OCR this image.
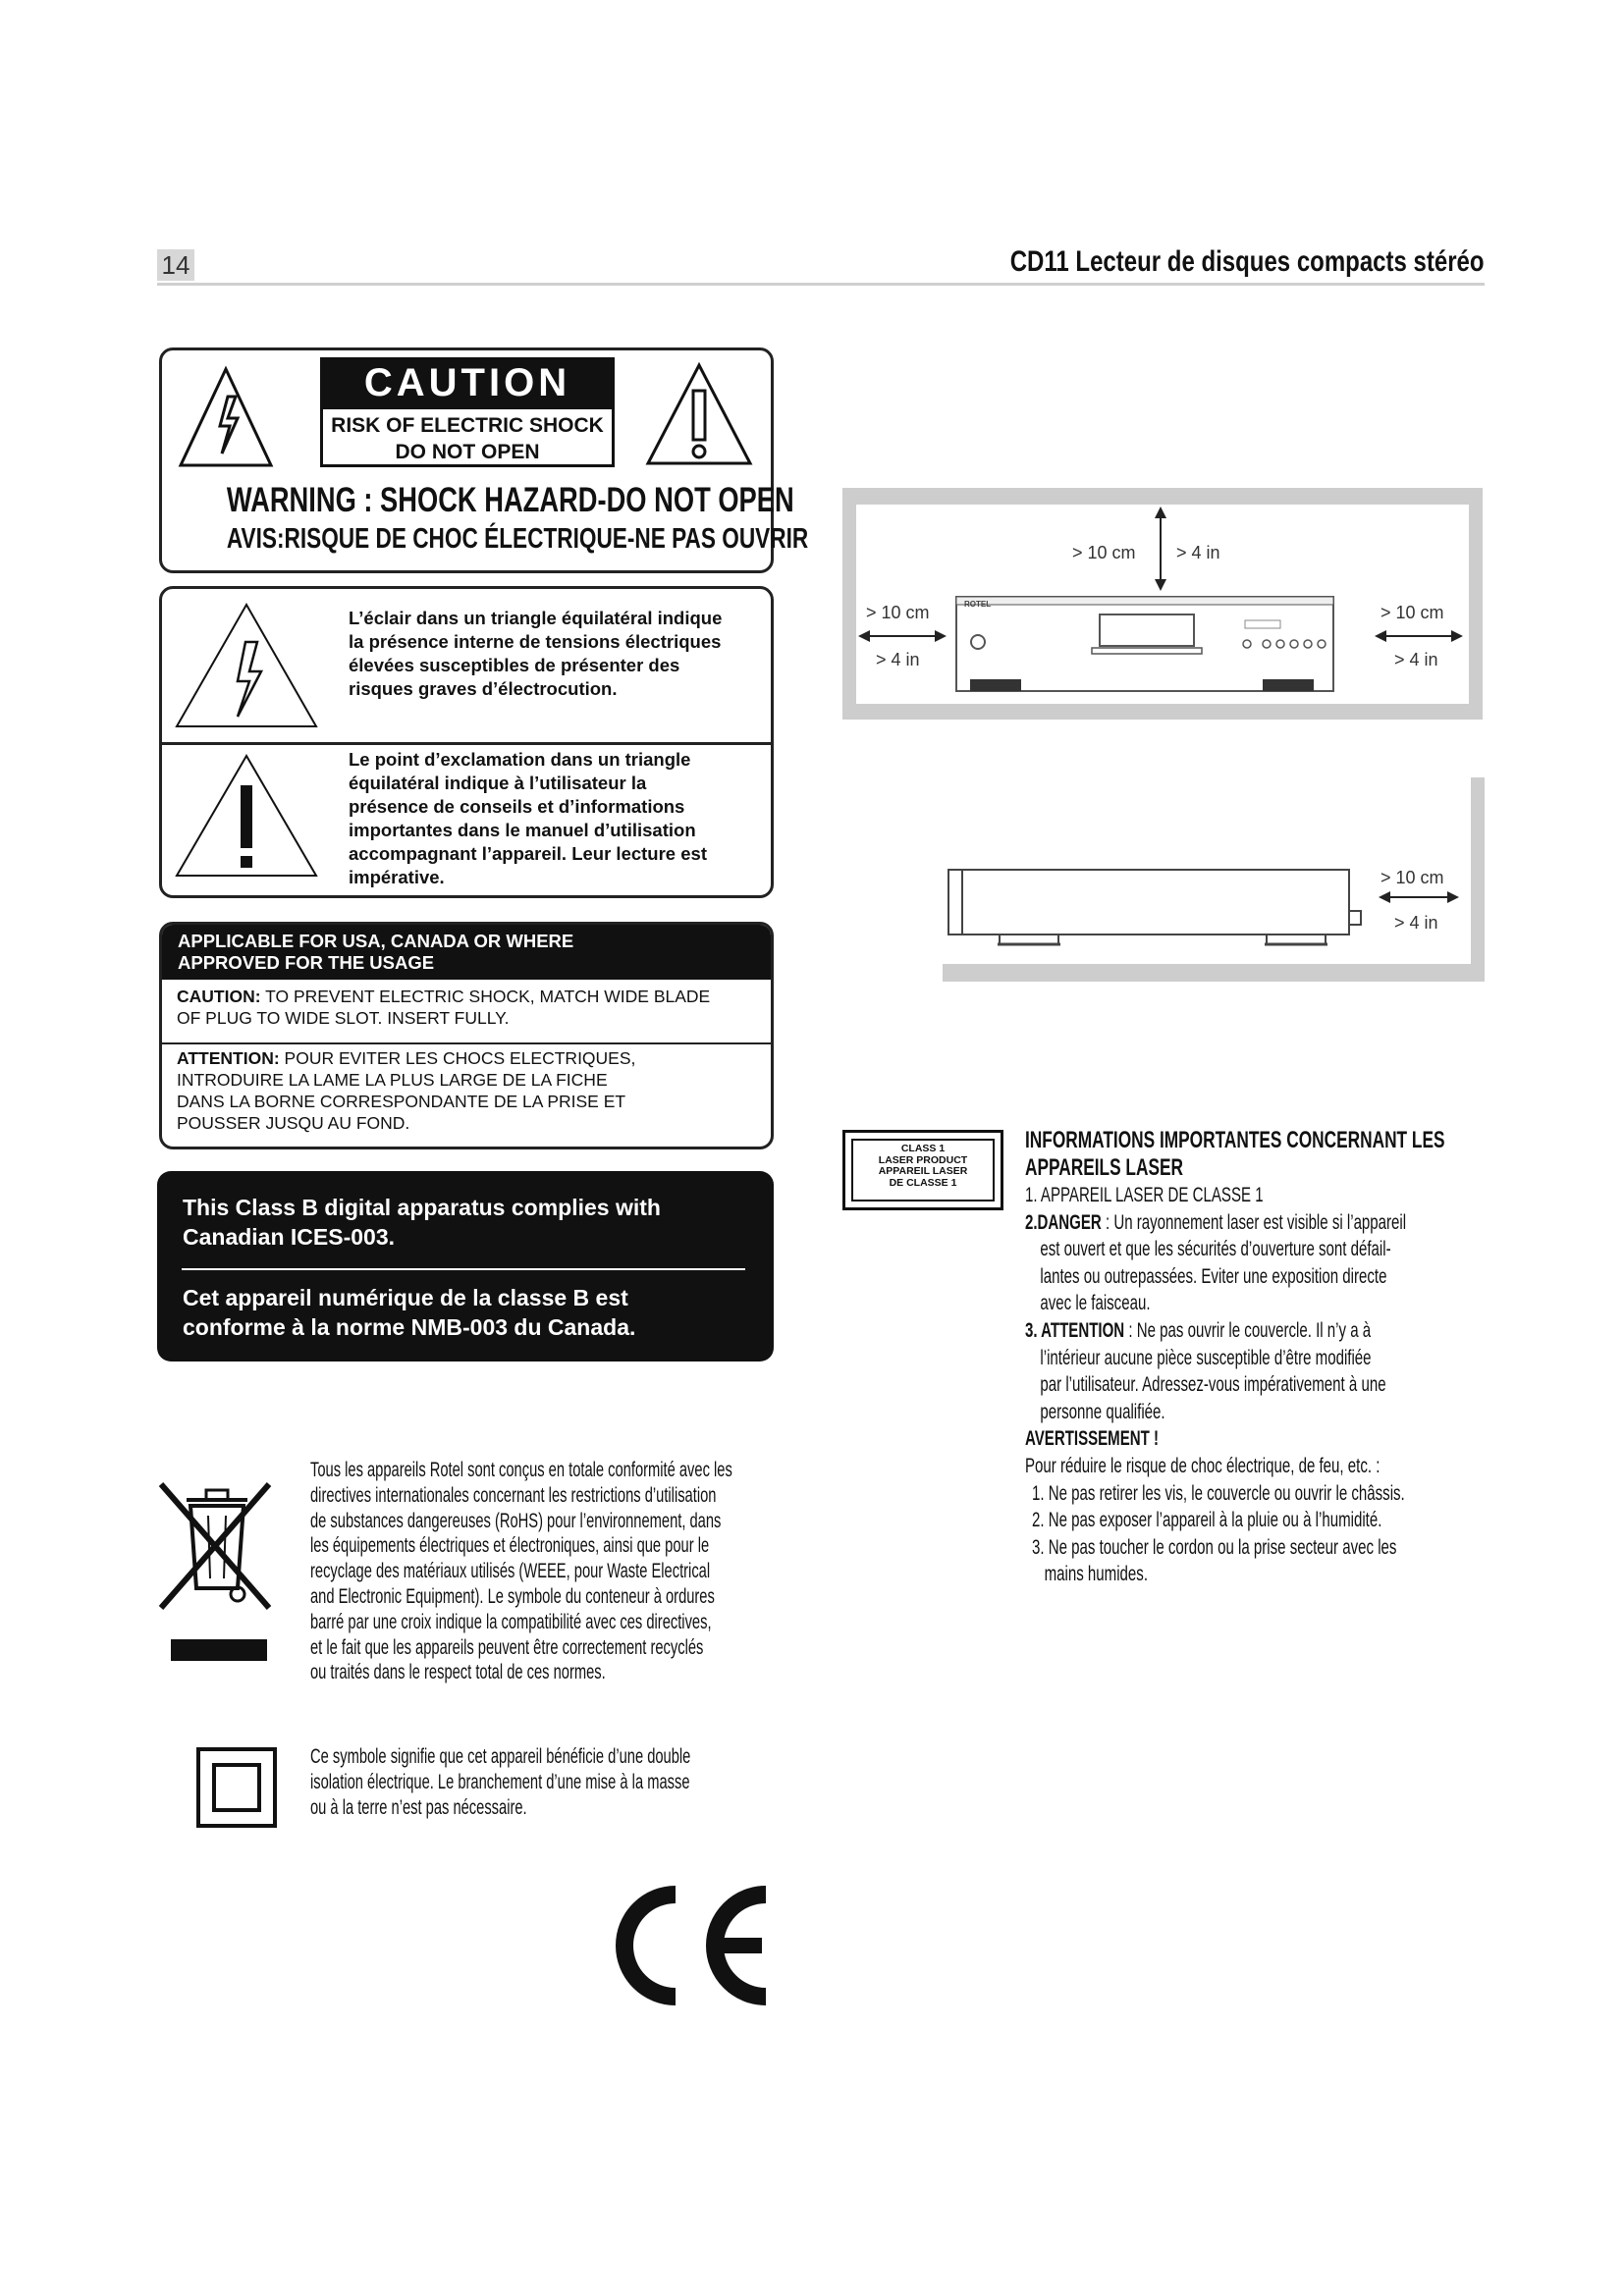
14	CD11 Lecteur de disques compacts stéréo
CAUTION
RISK OF ELECTRIC SHOCK
DO NOT OPEN
WARNING : SHOCK HAZARD-DO NOT OPEN
AVIS:RISQUE DE CHOC ÉLECTRIQUE-NE PAS OUVRIR
L’éclair dans un triangle équilatéral indique
la présence interne de tensions électriques
élevées susceptibles de présenter des
risques graves d’électrocution.
Le point d’exclamation dans un triangle
équilatéral indique à l’utilisateur la
présence de conseils et d’informations
importantes dans le manuel d’utilisation
accompagnant l’appareil. Leur lecture est
impérative.
APPLICABLE FOR USA, CANADA OR WHERE
APPROVED FOR THE USAGE
CAUTION: TO PREVENT ELECTRIC SHOCK, MATCH WIDE BLADE
OF PLUG TO WIDE SLOT. INSERT FULLY.
ATTENTION: POUR EVITER LES CHOCS ELECTRIQUES,
INTRODUIRE LA LAME LA PLUS LARGE DE LA FICHE
DANS LA BORNE CORRESPONDANTE DE LA PRISE ET
POUSSER JUSQU AU FOND.
This Class B digital apparatus complies with
Canadian ICES-003.
Cet appareil numérique de la classe B est
conforme à la norme NMB-003 du Canada.
Tous les appareils Rotel sont conçus en totale conformité avec les
directives internationales concernant les restrictions d’utilisation
de substances dangereuses (RoHS) pour l’environnement, dans
les équipements électriques et électroniques, ainsi que pour le
recyclage des matériaux utilisés (WEEE, pour Waste Electrical
and Electronic Equipment). Le symbole du conteneur à ordures
barré par une croix indique la compatibilité avec ces directives,
et le fait que les appareils peuvent être correctement recyclés
ou traités dans le respect total de ces normes.
Ce symbole signifie que cet appareil bénéficie d’une double
isolation électrique. Le branchement d’une mise à la masse
ou à la terre n’est pas nécessaire.
> 10 cm > 4 in
> 10 cm
> 4 in
> 10 cm
> 4 in
ROTEL
> 10 cm
> 4 in
CLASS 1
LASER PRODUCT
APPAREIL LASER
DE CLASSE 1
INFORMATIONS IMPORTANTES CONCERNANT LES
APPAREILS LASER
1. APPAREIL LASER DE CLASSE 1
2.DANGER : Un rayonnement laser est visible si l’appareil
est ouvert et que les sécurités d’ouverture sont défail-
lantes ou outrepassées. Eviter une exposition directe
avec le faisceau.
3. ATTENTION : Ne pas ouvrir le couvercle. Il n’y a à
l’intérieur aucune pièce susceptible d’être modifiée
par l’utilisateur. Adressez-vous impérativement à une
personne qualifiée.
AVERTISSEMENT !
Pour réduire le risque de choc électrique, de feu, etc. :
1. Ne pas retirer les vis, le couvercle ou ouvrir le châssis.
2. Ne pas exposer l’appareil à la pluie ou à l’humidité.
3. Ne pas toucher le cordon ou la prise secteur avec les
mains humides.
